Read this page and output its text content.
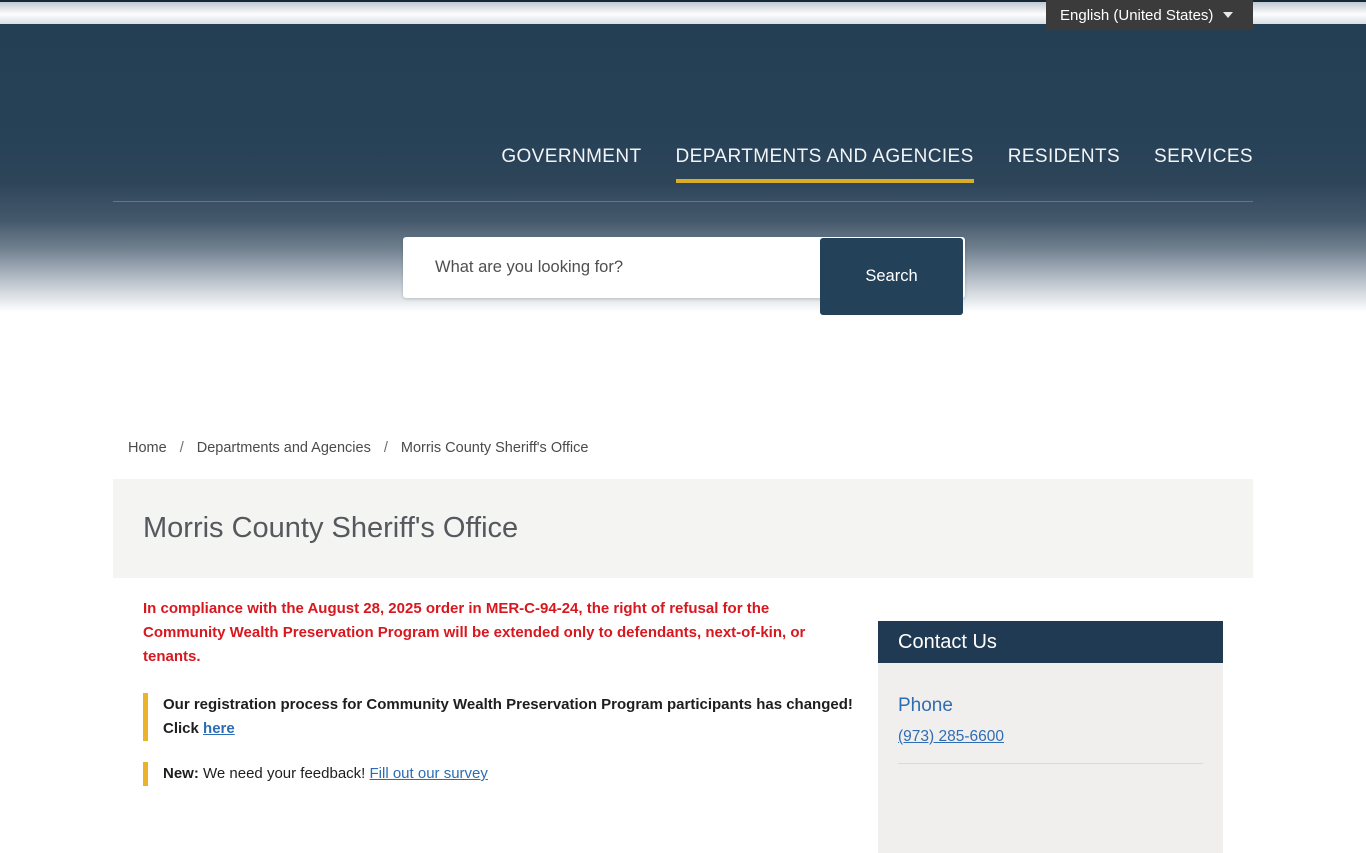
English (United States)
GOVERNMENT DEPARTMENTS AND AGENCIES RESIDENTS SERVICES
What are you looking for?
Search
Home / Departments and Agencies / Morris County Sheriff's Office
Morris County Sheriff's Office

In compliance with the August 28, 2025 order in MER-C-94-24, the right of refusal for the Community Wealth Preservation Program will be extended only to defendants, next-of-kin, or tenants.

Our registration process for Community Wealth Preservation Program participants has changed! Click here
New: We need your feedback! Fill out our survey
Contact Us
Phone
(973) 285-6600
